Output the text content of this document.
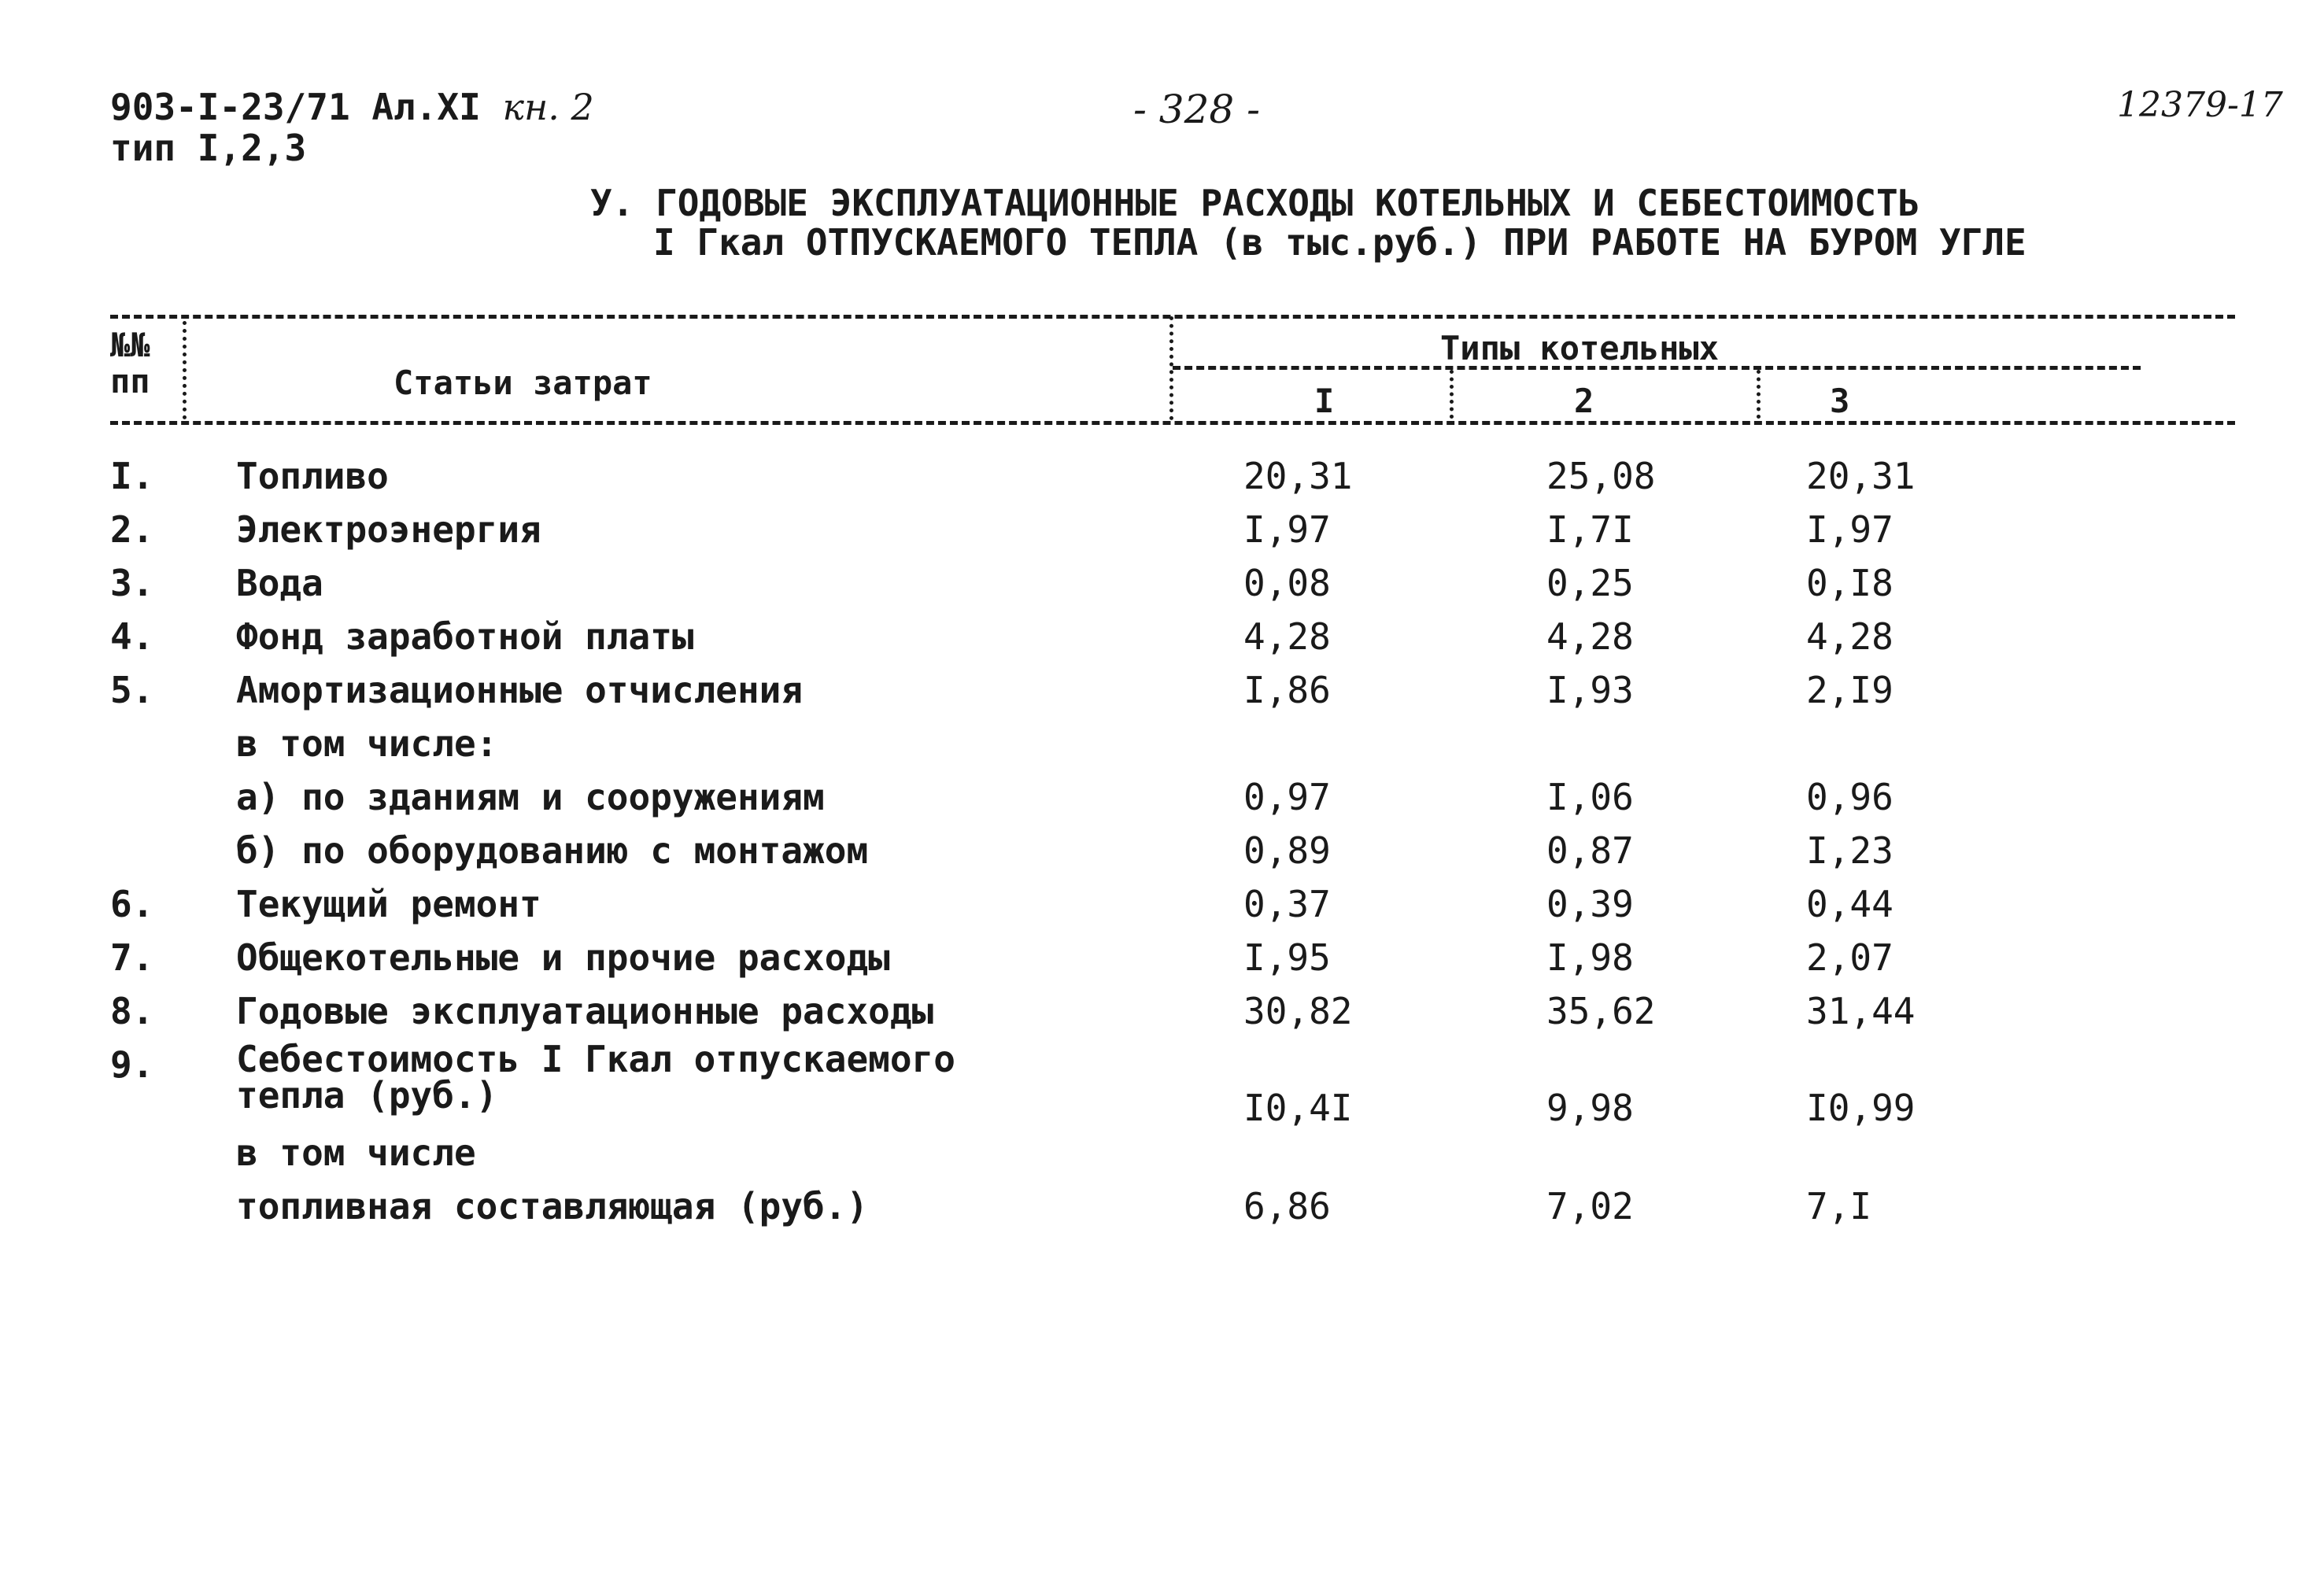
903-I-23/71 Ал.XI кн. 2
тип I,2,3
- 328 -	12379-17
У. ГОДОВЫЕ ЭКСПЛУАТАЦИОННЫЕ РАСХОДЫ КОТЕЛЬНЫХ И СЕБЕСТОИМОСТЬ
I Гкал ОТПУСКАЕМОГО ТЕПЛА (в тыс.руб.) ПРИ РАБОТЕ НА БУРОМ УГЛЕ
№№
пп	Статьи затрат
Типы котельных
I	2	3
I. Топливо	20,31	25,08	20,31
2. Электроэнергия	I,97	I,7I	I,97
3. Вода	0,08	0,25	0,I8
4. Фонд заработной платы	4,28	4,28	4,28
5. Амортизационные отчисления	I,86	I,93	2,I9
в том числе:
а) по зданиям и сооружениям	0,97	I,06	0,96
б) по оборудованию с монтажом	0,89	0,87	I,23
6. Текущий ремонт	0,37	0,39	0,44
7. Общекотельные и прочие расходы	I,95	I,98	2,07
8. Годовые эксплуатационные расходы	30,82	35,62	31,44
9. Себестоимость I Гкал отпускаемого
тепла (руб.)	I0,4I	9,98	I0,99
в том числе
топливная составляющая (руб.)	6,86	7,02	7,I
